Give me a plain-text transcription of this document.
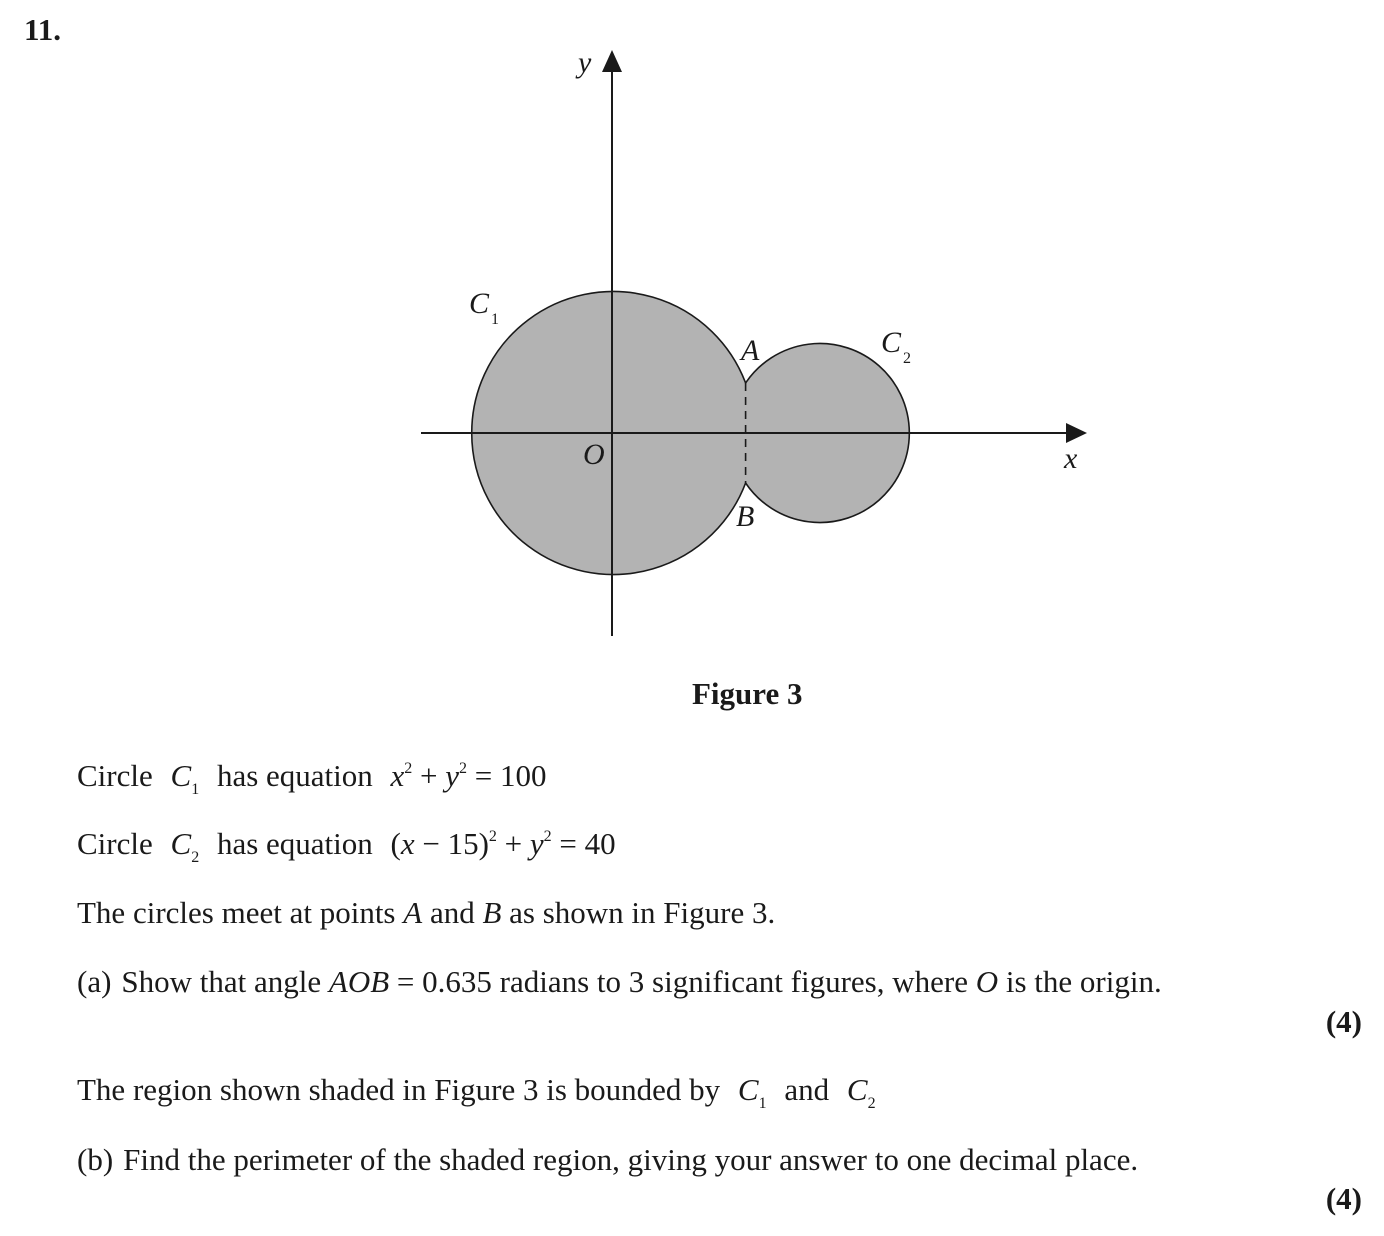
11.
y
x
O
A
B
C
C
1
2
Figure 3
Circle $C_1$ has equation $x^2 + y^2 = 100$
Circle $C_2$ has equation $(x - 15)^2 + y^2 = 40$
The circles meet at points A and B as shown in Figure 3.
(a) Show that angle AOB = 0.635 radians to 3 significant figures, where O is the origin.
(4)
The region shown shaded in Figure 3 is bounded by $C_1$ and $C_2$
(b) Find the perimeter of the shaded region, giving your answer to one decimal place.
(4)
